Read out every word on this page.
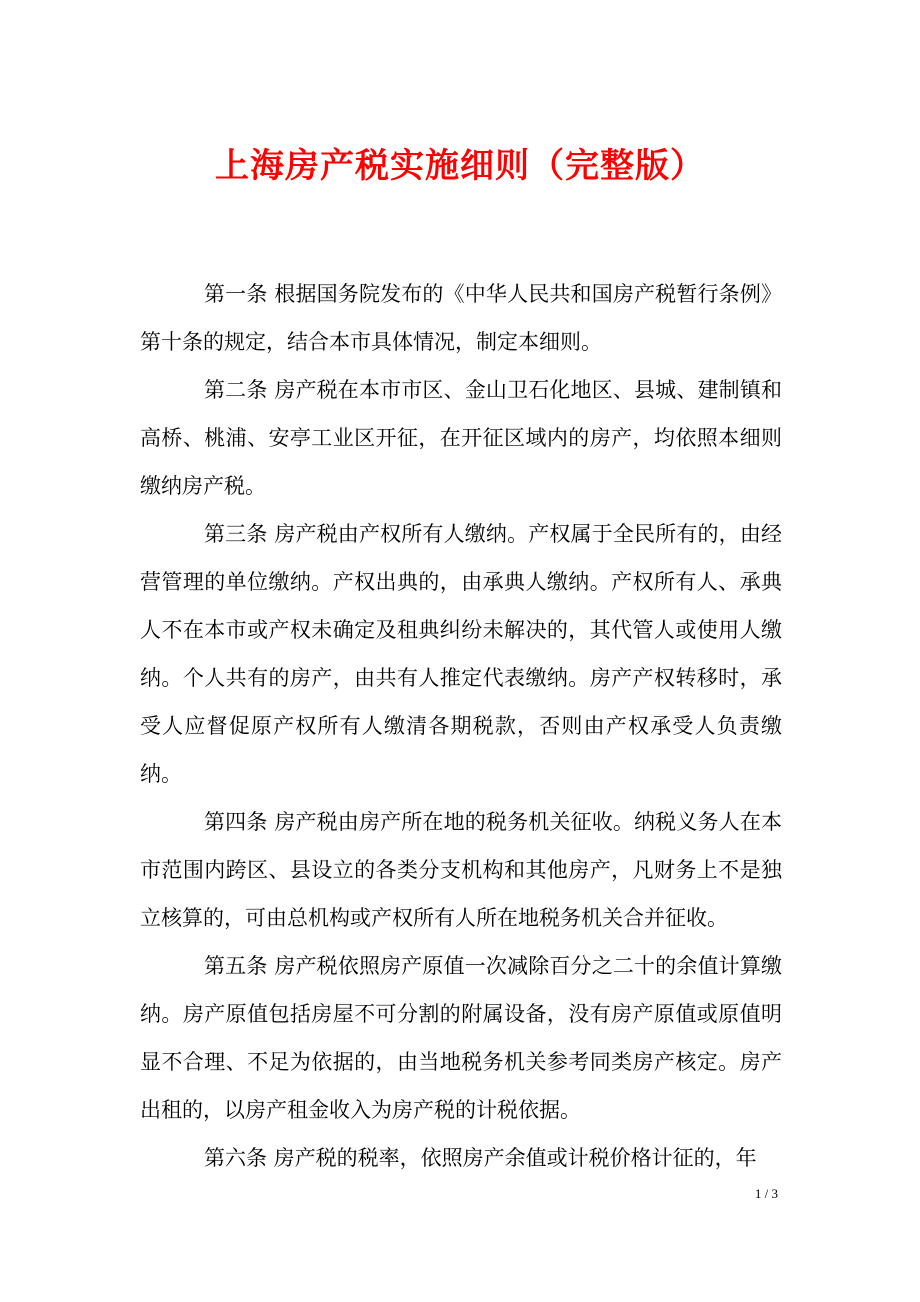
上海房产税实施细则（完整版）

第一条 根据国务院发布的《中华人民共和国房产税暂行条例》第十条的规定，结合本市具体情况，制定本细则。

第二条 房产税在本市市区、金山卫石化地区、县城、建制镇和高桥、桃浦、安亭工业区开征，在开征区域内的房产，均依照本细则缴纳房产税。

第三条 房产税由产权所有人缴纳。产权属于全民所有的，由经营管理的单位缴纳。产权出典的，由承典人缴纳。产权所有人、承典人不在本市或产权未确定及租典纠纷未解决的，其代管人或使用人缴纳。个人共有的房产，由共有人推定代表缴纳。房产产权转移时，承受人应督促原产权所有人缴清各期税款，否则由产权承受人负责缴纳。

第四条 房产税由房产所在地的税务机关征收。纳税义务人在本市范围内跨区、县设立的各类分支机构和其他房产，凡财务上不是独立核算的，可由总机构或产权所有人所在地税务机关合并征收。

第五条 房产税依照房产原值一次减除百分之二十的余值计算缴纳。房产原值包括房屋不可分割的附属设备，没有房产原值或原值明显不合理、不足为依据的，由当地税务机关参考同类房产核定。房产出租的，以房产租金收入为房产税的计税依据。

第六条 房产税的税率，依照房产余值或计税价格计征的，年

1 / 3
